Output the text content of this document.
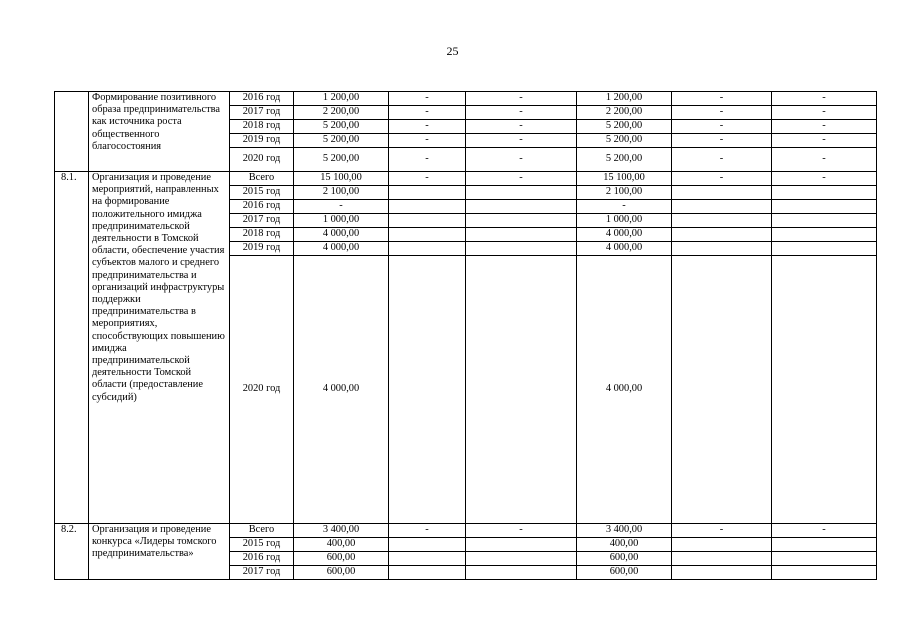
25
	Формирование позитивного образа предпринимательства как источника роста общественного благосостояния	2016 год	1 200,00	-	-	1 200,00	-	-
		2017 год	2 200,00	-	-	2 200,00	-	-
		2018 год	5 200,00	-	-	5 200,00	-	-
		2019 год	5 200,00	-	-	5 200,00	-	-
		2020 год	5 200,00	-	-	5 200,00	-	-
8.1.	Организация и проведение мероприятий, направленных на формирование положительного имиджа предпринимательской деятельности в Томской области, обеспечение участия субъектов малого и среднего предпринимательства и организаций инфраструктуры поддержки предпринимательства в мероприятиях, способствующих повышению имиджа предпринимательской деятельности Томской области (предоставление субсидий)	Всего	15 100,00	-	-	15 100,00	-	-
		2015 год	2 100,00			2 100,00		
		2016 год	-			-		
		2017 год	1 000,00			1 000,00		
		2018 год	4 000,00			4 000,00		
		2019 год	4 000,00			4 000,00		
		2020 год	4 000,00			4 000,00		
8.2.	Организация и проведение конкурса «Лидеры томского предпринимательства»	Всего	3 400,00	-	-	3 400,00	-	-
		2015 год	400,00			400,00		
		2016 год	600,00			600,00		
		2017 год	600,00			600,00		
